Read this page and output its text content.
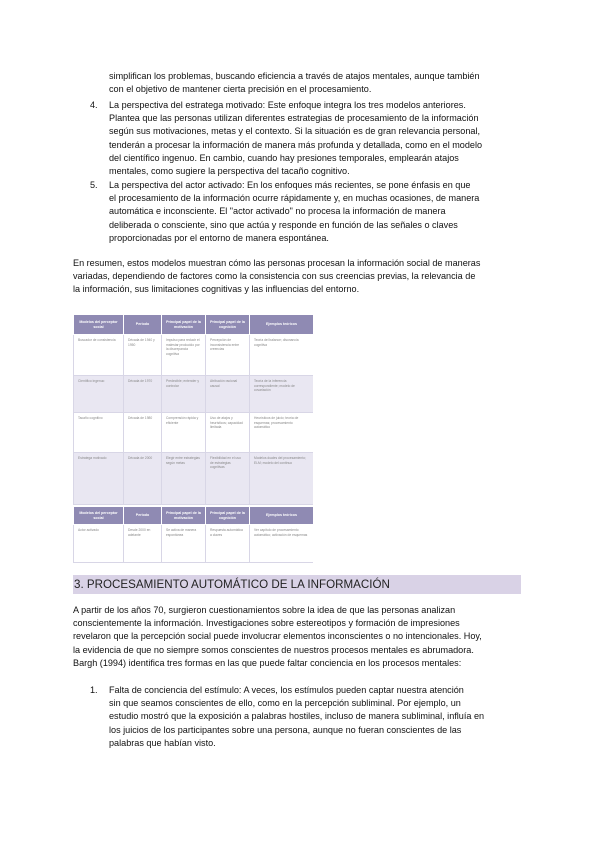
simplifican los problemas, buscando eficiencia a través de atajos mentales, aunque también
con el objetivo de mantener cierta precisión en el procesamiento.
4. La perspectiva del estratega motivado: Este enfoque integra los tres modelos anteriores.
Plantea que las personas utilizan diferentes estrategias de procesamiento de la información
según sus motivaciones, metas y el contexto. Si la situación es de gran relevancia personal,
tenderán a procesar la información de manera más profunda y detallada, como en el modelo
del científico ingenuo. En cambio, cuando hay presiones temporales, emplearán atajos
mentales, como sugiere la perspectiva del tacaño cognitivo.
5. La perspectiva del actor activado: En los enfoques más recientes, se pone énfasis en que
el procesamiento de la información ocurre rápidamente y, en muchas ocasiones, de manera
automática e inconsciente. El "actor activado" no procesa la información de manera
deliberada o consciente, sino que actúa y responde en función de las señales o claves
proporcionadas por el entorno de manera espontánea.

En resumen, estos modelos muestran cómo las personas procesan la información social de maneras
variadas, dependiendo de factores como la consistencia con sus creencias previas, la relevancia de
la información, sus limitaciones cognitivas y las influencias del entorno.

Modelos del perceptor social	Periodo	Principal papel de la motivación	Principal papel de la cognición	Ejemplos teóricos
Buscador de consistencia	Década de 1940 y 1950	Impulso para reducir el malestar producido por la discrepancia cognitiva	Percepción de inconsistencia entre creencias	Teoría del balance; disonancia cognitiva
Científico ingenuo	Década de 1970	Predecible; entender y controlar	Atribución racional causal	Teoría de la inferencia correspondiente; modelo de covariación
Tacaño cognitivo	Década de 1980	Comprensión rápida y eficiente	Uso de atajos y heurísticos; capacidad limitada	Heurísticos de juicio; teoría de esquemas; procesamiento automático
Estratega motivado	Década de 2000	Elegir entre estrategias según metas	Flexibilidad en el uso de estrategias cognitivas	Modelos duales del procesamiento; ELM; modelo del continuo
Modelos del perceptor social	Periodo	Principal papel de la motivación	Principal papel de la cognición	Ejemplos teóricos
Actor activado	Desde 2000 en adelante	Se activa de manera espontánea	Respuesta automática a claves	Ver capítulo de procesamiento automático; activación de esquemas
3. PROCESAMIENTO AUTOMÁTICO DE LA INFORMACIÓN

A partir de los años 70, surgieron cuestionamientos sobre la idea de que las personas analizan
conscientemente la información. Investigaciones sobre estereotipos y formación de impresiones
revelaron que la percepción social puede involucrar elementos inconscientes o no intencionales. Hoy,
la evidencia de que no siempre somos conscientes de nuestros procesos mentales es abrumadora.
Bargh (1994) identifica tres formas en las que puede faltar conciencia en los procesos mentales:

1. Falta de conciencia del estímulo: A veces, los estímulos pueden captar nuestra atención
sin que seamos conscientes de ello, como en la percepción subliminal. Por ejemplo, un
estudio mostró que la exposición a palabras hostiles, incluso de manera subliminal, influía en
los juicios de los participantes sobre una persona, aunque no fueran conscientes de las
palabras que habían visto.
